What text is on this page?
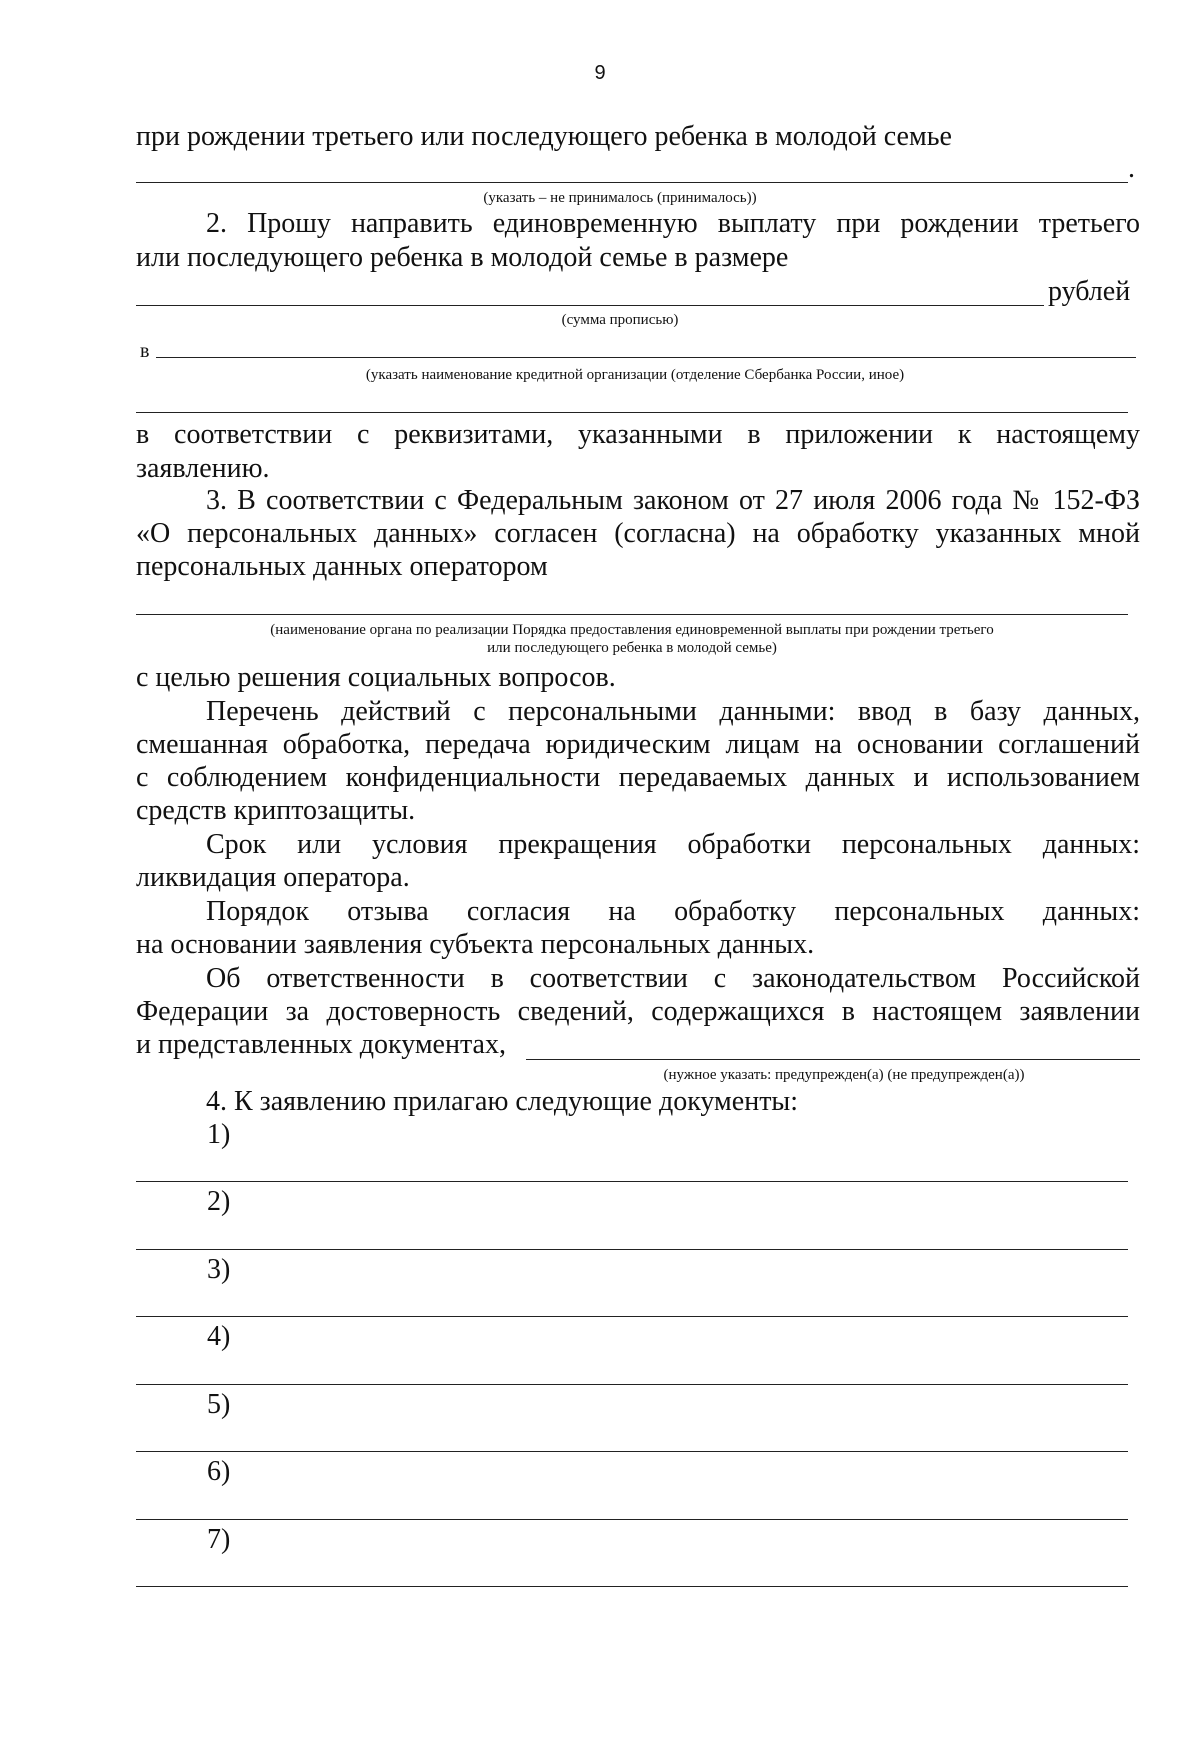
9
при рождении третьего или последующего ребенка в молодой семье
.
(указать – не принималось (принималось))
2. Прошу направить единовременную выплату при рождении третьего
или последующего ребенка в молодой семье в размере
рублей
(сумма прописью)
в
(указать наименование кредитной организации (отделение Сбербанка России, иное)
в соответствии с реквизитами, указанными в приложении к настоящему
заявлению.
3. В соответствии с Федеральным законом от 27 июля 2006 года № 152-ФЗ
«О персональных данных» согласен (согласна) на обработку указанных мной
персональных данных оператором
(наименование органа по реализации Порядка предоставления единовременной выплаты при рождении третьего
или последующего ребенка в молодой семье)
с целью решения социальных вопросов.
Перечень действий с персональными данными: ввод в базу данных,
смешанная обработка, передача юридическим лицам на основании соглашений
с соблюдением конфиденциальности передаваемых данных и использованием
средств криптозащиты.
Срок или условия прекращения обработки персональных данных:
ликвидация оператора.
Порядок отзыва согласия на обработку персональных данных:
на основании заявления субъекта персональных данных.
Об ответственности в соответствии с законодательством Российской
Федерации за достоверность сведений, содержащихся в настоящем заявлении
и представленных документах,
(нужное указать: предупрежден(а) (не предупрежден(а))
4. К заявлению прилагаю следующие документы:
1)
2)
3)
4)
5)
6)
7)
